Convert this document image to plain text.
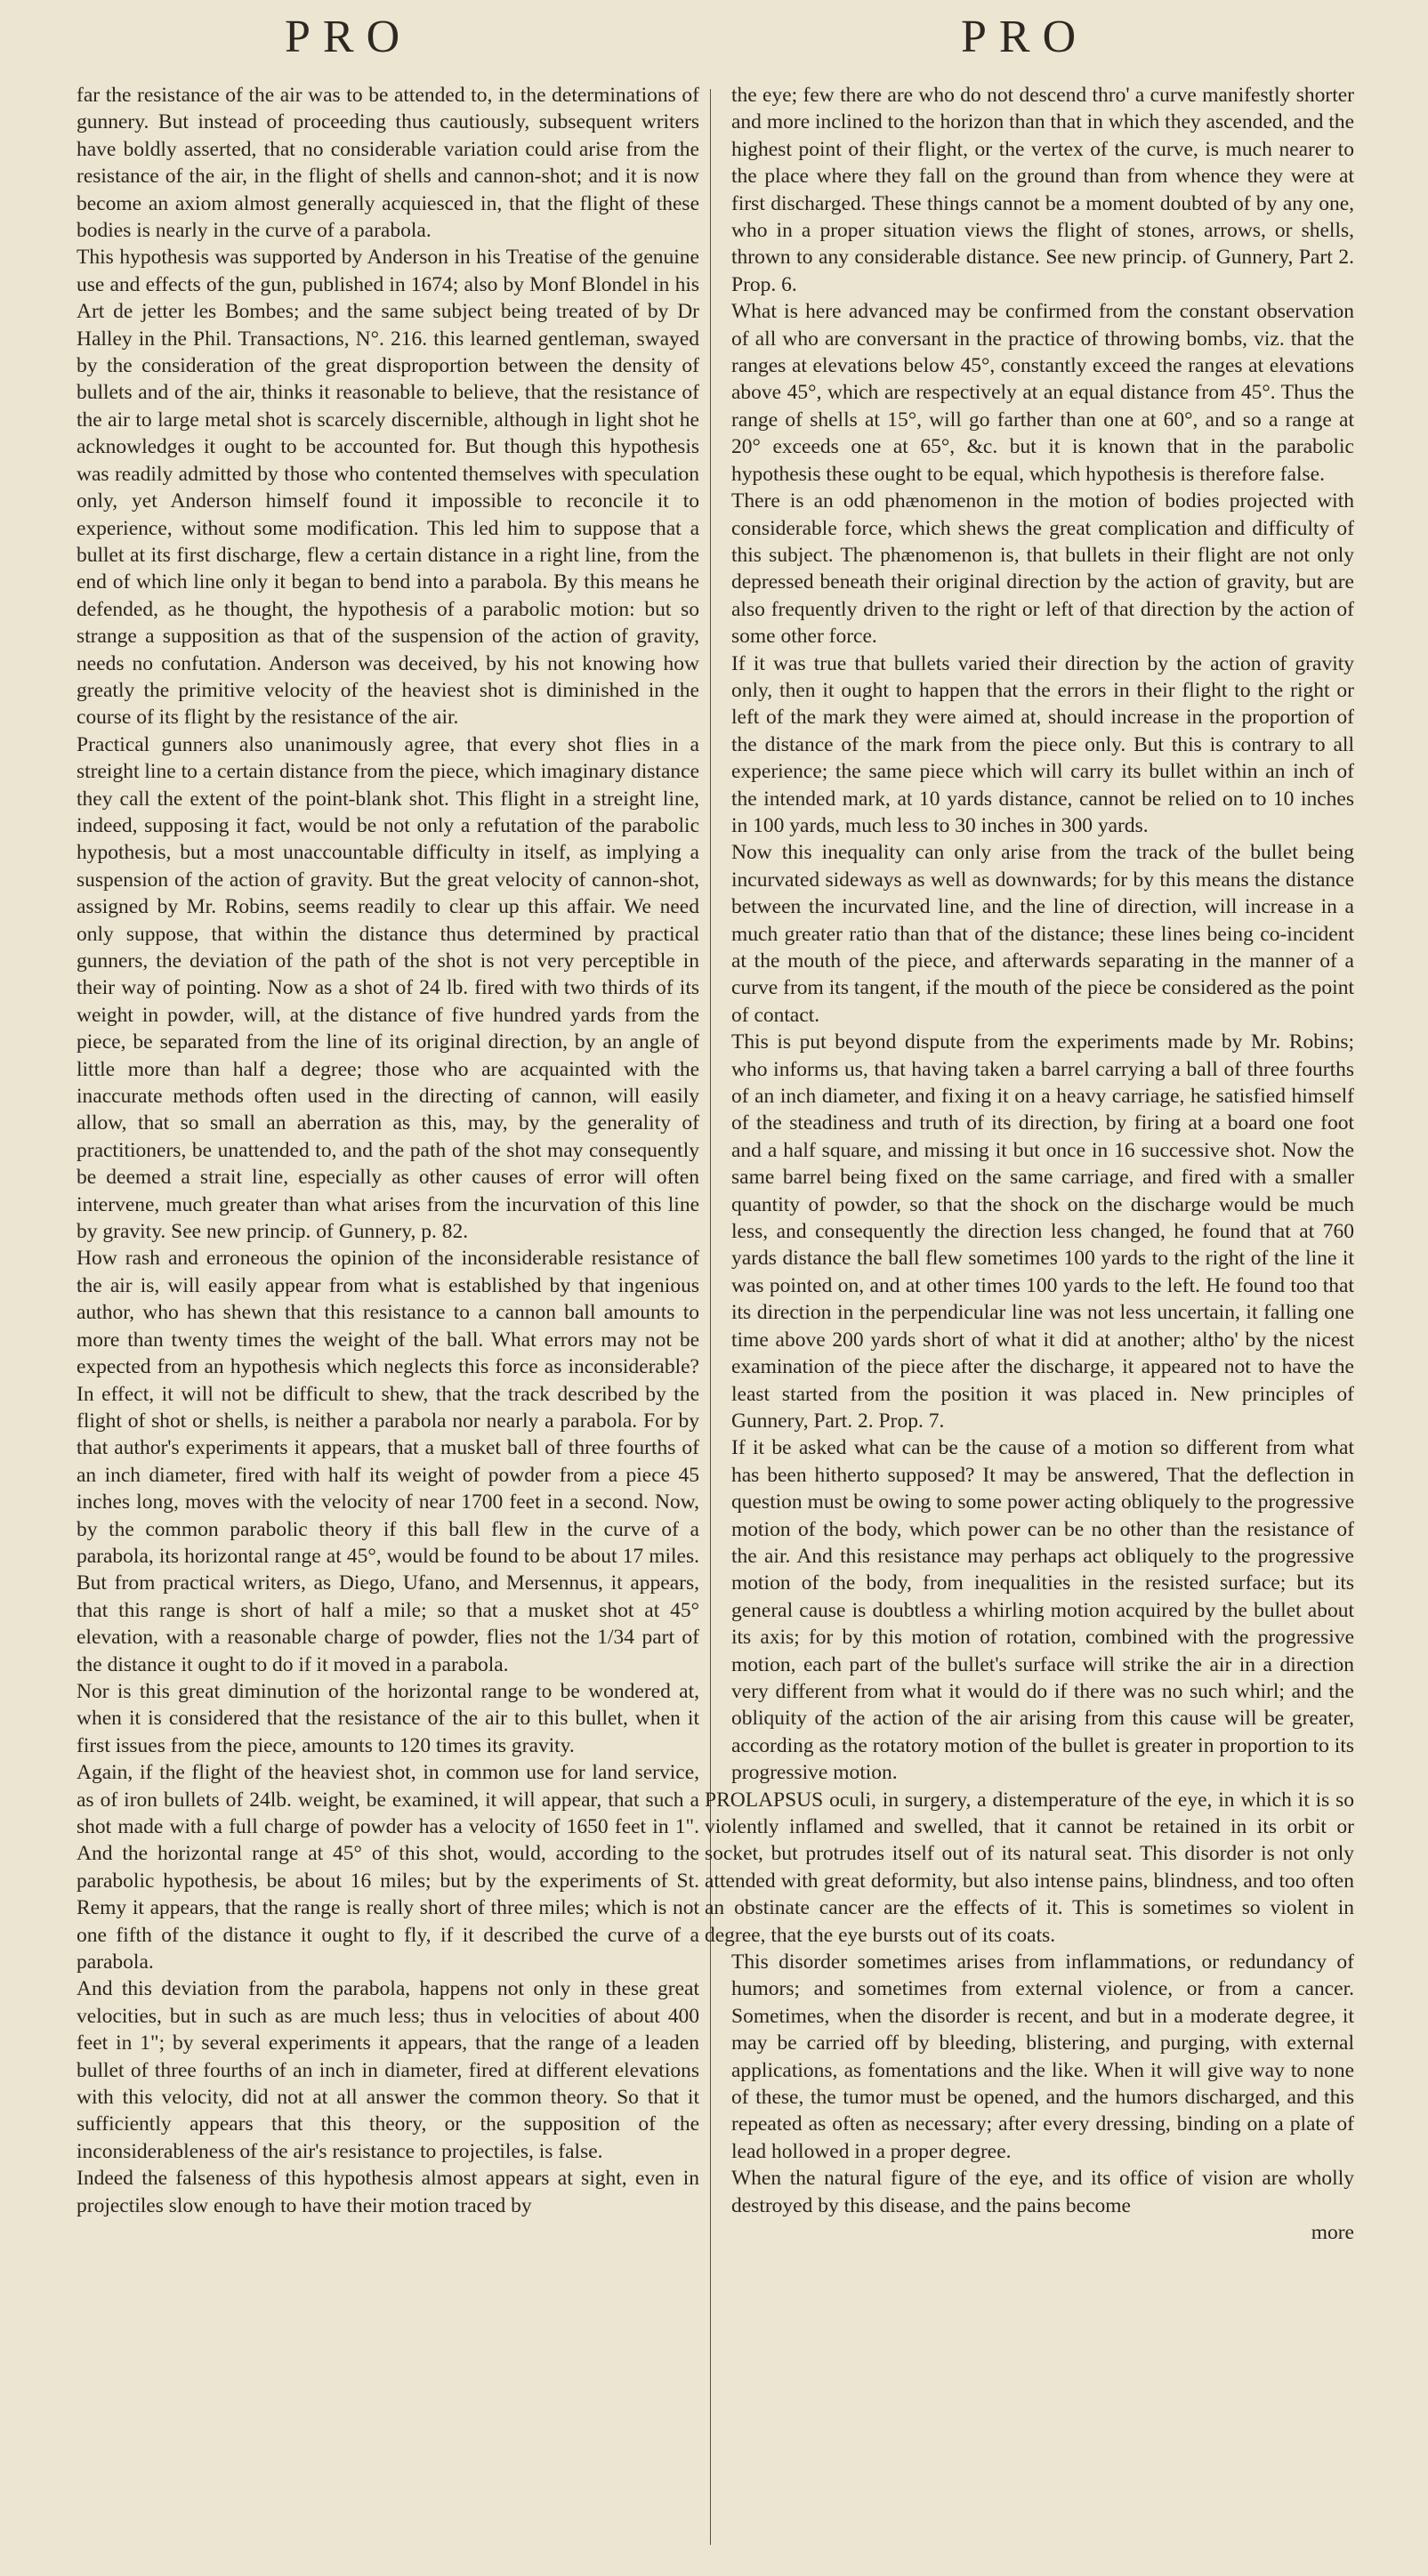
PRO	PRO

far the resistance of the air was to be attended to, in the determinations of gunnery. But instead of proceeding thus cautiously, subsequent writers have boldly asserted, that no considerable variation could arise from the resistance of the air, in the flight of shells and cannon-shot; and it is now become an axiom almost generally acquiesced in, that the flight of these bodies is nearly in the curve of a parabola.

This hypothesis was supported by Anderson in his Treatise of the genuine use and effects of the gun, published in 1674; also by Monf Blondel in his Art de jetter les Bombes; and the same subject being treated of by Dr Halley in the Phil. Transactions, N°. 216. this learned gentleman, swayed by the consideration of the great disproportion between the density of bullets and of the air, thinks it reasonable to believe, that the resistance of the air to large metal shot is scarcely discernible, although in light shot he acknowledges it ought to be accounted for. But though this hypothesis was readily admitted by those who contented themselves with speculation only, yet Anderson himself found it impossible to reconcile it to experience, without some modification. This led him to suppose that a bullet at its first discharge, flew a certain distance in a right line, from the end of which line only it began to bend into a parabola. By this means he defended, as he thought, the hypothesis of a parabolic motion: but so strange a supposition as that of the suspension of the action of gravity, needs no confutation. Anderson was deceived, by his not knowing how greatly the primitive velocity of the heaviest shot is diminished in the course of its flight by the resistance of the air.

Practical gunners also unanimously agree, that every shot flies in a streight line to a certain distance from the piece, which imaginary distance they call the extent of the point-blank shot. This flight in a streight line, indeed, supposing it fact, would be not only a refutation of the parabolic hypothesis, but a most unaccountable difficulty in itself, as implying a suspension of the action of gravity. But the great velocity of cannon-shot, assigned by Mr. Robins, seems readily to clear up this affair. We need only suppose, that within the distance thus determined by practical gunners, the deviation of the path of the shot is not very perceptible in their way of pointing. Now as a shot of 24 lb. fired with two thirds of its weight in powder, will, at the distance of five hundred yards from the piece, be separated from the line of its original direction, by an angle of little more than half a degree; those who are acquainted with the inaccurate methods often used in the directing of cannon, will easily allow, that so small an aberration as this, may, by the generality of practitioners, be unattended to, and the path of the shot may consequently be deemed a strait line, especially as other causes of error will often intervene, much greater than what arises from the incurvation of this line by gravity. See new princip. of Gunnery, p. 82.

How rash and erroneous the opinion of the inconsiderable resistance of the air is, will easily appear from what is established by that ingenious author, who has shewn that this resistance to a cannon ball amounts to more than twenty times the weight of the ball. What errors may not be expected from an hypothesis which neglects this force as inconsiderable? In effect, it will not be difficult to shew, that the track described by the flight of shot or shells, is neither a parabola nor nearly a parabola. For by that author's experiments it appears, that a musket ball of three fourths of an inch diameter, fired with half its weight of powder from a piece 45 inches long, moves with the velocity of near 1700 feet in a second. Now, by the common parabolic theory if this ball flew in the curve of a parabola, its horizontal range at 45°, would be found to be about 17 miles. But from practical writers, as Diego, Ufano, and Mersennus, it appears, that this range is short of half a mile; so that a musket shot at 45° elevation, with a reasonable charge of powder, flies not the 1/34 part of the distance it ought to do if it moved in a parabola.

Nor is this great diminution of the horizontal range to be wondered at, when it is considered that the resistance of the air to this bullet, when it first issues from the piece, amounts to 120 times its gravity.

Again, if the flight of the heaviest shot, in common use for land service, as of iron bullets of 24lb. weight, be examined, it will appear, that such a shot made with a full charge of powder has a velocity of 1650 feet in 1". And the horizontal range at 45° of this shot, would, according to the parabolic hypothesis, be about 16 miles; but by the experiments of St. Remy it appears, that the range is really short of three miles; which is not one fifth of the distance it ought to fly, if it described the curve of a parabola.

And this deviation from the parabola, happens not only in these great velocities, but in such as are much less; thus in velocities of about 400 feet in 1"; by several experiments it appears, that the range of a leaden bullet of three fourths of an inch in diameter, fired at different elevations with this velocity, did not at all answer the common theory. So that it sufficiently appears that this theory, or the supposition of the inconsiderableness of the air's resistance to projectiles, is false.

Indeed the falseness of this hypothesis almost appears at sight, even in projectiles slow enough to have their motion traced by

the eye; few there are who do not descend thro' a curve manifestly shorter and more inclined to the horizon than that in which they ascended, and the highest point of their flight, or the vertex of the curve, is much nearer to the place where they fall on the ground than from whence they were at first discharged. These things cannot be a moment doubted of by any one, who in a proper situation views the flight of stones, arrows, or shells, thrown to any considerable distance. See new princip. of Gunnery, Part 2. Prop. 6.

What is here advanced may be confirmed from the constant observation of all who are conversant in the practice of throwing bombs, viz. that the ranges at elevations below 45°, constantly exceed the ranges at elevations above 45°, which are respectively at an equal distance from 45°. Thus the range of shells at 15°, will go farther than one at 60°, and so a range at 20° exceeds one at 65°, &c. but it is known that in the parabolic hypothesis these ought to be equal, which hypothesis is therefore false.

There is an odd phænomenon in the motion of bodies projected with considerable force, which shews the great complication and difficulty of this subject. The phænomenon is, that bullets in their flight are not only depressed beneath their original direction by the action of gravity, but are also frequently driven to the right or left of that direction by the action of some other force.

If it was true that bullets varied their direction by the action of gravity only, then it ought to happen that the errors in their flight to the right or left of the mark they were aimed at, should increase in the proportion of the distance of the mark from the piece only. But this is contrary to all experience; the same piece which will carry its bullet within an inch of the intended mark, at 10 yards distance, cannot be relied on to 10 inches in 100 yards, much less to 30 inches in 300 yards.

Now this inequality can only arise from the track of the bullet being incurvated sideways as well as downwards; for by this means the distance between the incurvated line, and the line of direction, will increase in a much greater ratio than that of the distance; these lines being co-incident at the mouth of the piece, and afterwards separating in the manner of a curve from its tangent, if the mouth of the piece be considered as the point of contact.

This is put beyond dispute from the experiments made by Mr. Robins; who informs us, that having taken a barrel carrying a ball of three fourths of an inch diameter, and fixing it on a heavy carriage, he satisfied himself of the steadiness and truth of its direction, by firing at a board one foot and a half square, and missing it but once in 16 successive shot. Now the same barrel being fixed on the same carriage, and fired with a smaller quantity of powder, so that the shock on the discharge would be much less, and consequently the direction less changed, he found that at 760 yards distance the ball flew sometimes 100 yards to the right of the line it was pointed on, and at other times 100 yards to the left. He found too that its direction in the perpendicular line was not less uncertain, it falling one time above 200 yards short of what it did at another; altho' by the nicest examination of the piece after the discharge, it appeared not to have the least started from the position it was placed in. New principles of Gunnery, Part. 2. Prop. 7.

If it be asked what can be the cause of a motion so different from what has been hitherto supposed? It may be answered, That the deflection in question must be owing to some power acting obliquely to the progressive motion of the body, which power can be no other than the resistance of the air. And this resistance may perhaps act obliquely to the progressive motion of the body, from inequalities in the resisted surface; but its general cause is doubtless a whirling motion acquired by the bullet about its axis; for by this motion of rotation, combined with the progressive motion, each part of the bullet's surface will strike the air in a direction very different from what it would do if there was no such whirl; and the obliquity of the action of the air arising from this cause will be greater, according as the rotatory motion of the bullet is greater in proportion to its progressive motion.

PROLAPSUS oculi, in surgery, a distemperature of the eye, in which it is so violently inflamed and swelled, that it cannot be retained in its orbit or socket, but protrudes itself out of its natural seat. This disorder is not only attended with great deformity, but also intense pains, blindness, and too often an obstinate cancer are the effects of it. This is sometimes so violent in degree, that the eye bursts out of its coats.

This disorder sometimes arises from inflammations, or redundancy of humors; and sometimes from external violence, or from a cancer. Sometimes, when the disorder is recent, and but in a moderate degree, it may be carried off by bleeding, blistering, and purging, with external applications, as fomentations and the like. When it will give way to none of these, the tumor must be opened, and the humors discharged, and this repeated as often as necessary; after every dressing, binding on a plate of lead hollowed in a proper degree.

When the natural figure of the eye, and its office of vision are wholly destroyed by this disease, and the pains become

more
